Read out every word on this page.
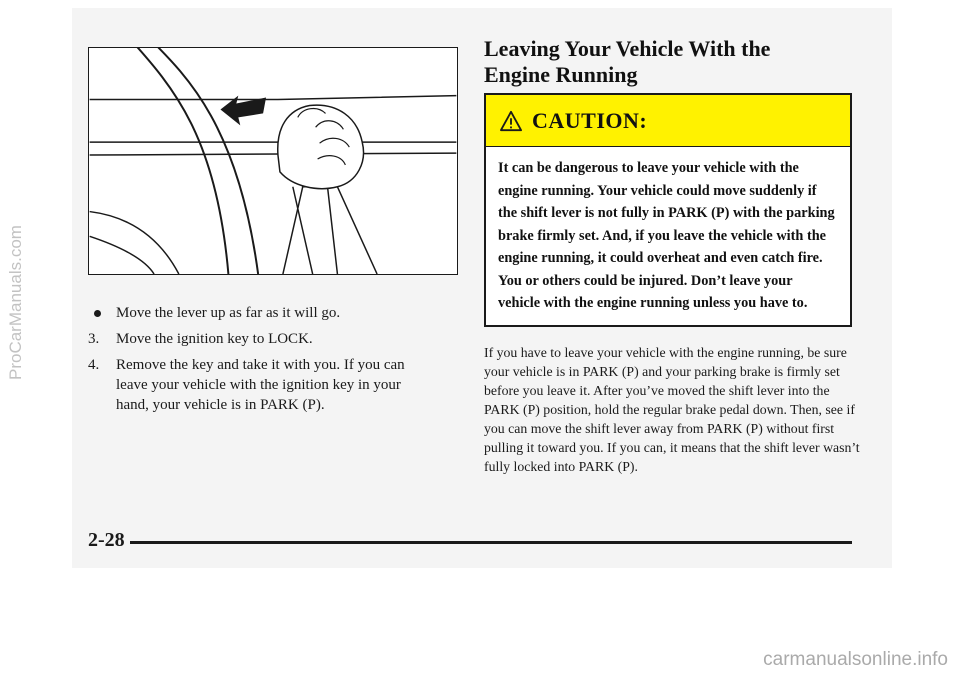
Move the lever up as far as it will go.
3. Move the ignition key to LOCK.
4. Remove the key and take it with you. If you can leave your vehicle with the ignition key in your hand, your vehicle is in PARK (P).
Leaving Your Vehicle With the
Engine Running
CAUTION:
It can be dangerous to leave your vehicle with the engine running. Your vehicle could move suddenly if the shift lever is not fully in PARK (P) with the parking brake firmly set. And, if you leave the vehicle with the engine running, it could overheat and even catch fire. You or others could be injured. Don’t leave your vehicle with the engine running unless you have to.
If you have to leave your vehicle with the engine running, be sure your vehicle is in PARK (P) and your parking brake is firmly set before you leave it. After you’ve moved the shift lever into the PARK (P) position, hold the regular brake pedal down. Then, see if you can move the shift lever away from PARK (P) without first pulling it toward you. If you can, it means that the shift lever wasn’t fully locked into PARK (P).
2-28
ProCarManuals.com
carmanualsonline.info
